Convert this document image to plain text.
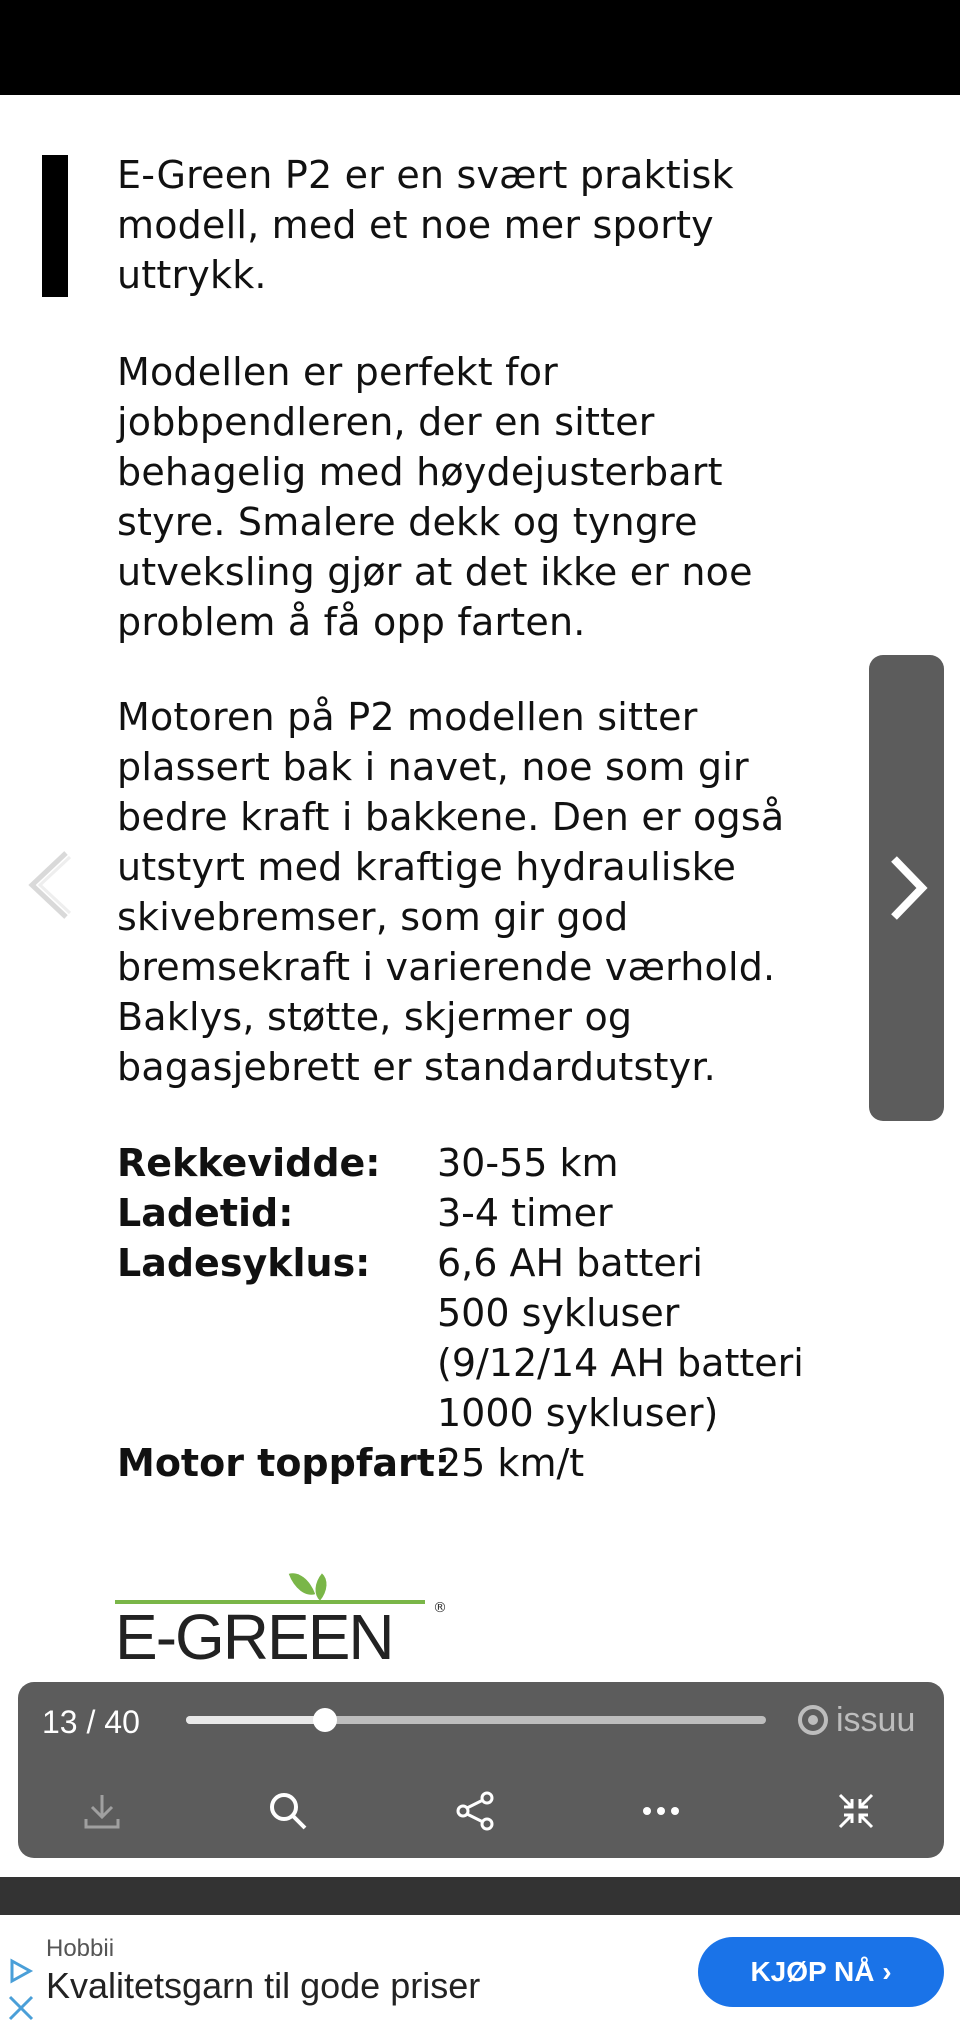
E-Green P2 er en svært praktisk
modell, med et noe mer sporty
uttrykk.
Modellen er perfekt for
jobbpendleren, der en sitter
behagelig med høydejusterbart
styre. Smalere dekk og tyngre
utveksling gjør at det ikke er noe
problem å få opp farten.
Motoren på P2 modellen sitter
plassert bak i navet, noe som gir
bedre kraft i bakkene. Den er også
utstyrt med kraftige hydrauliske
skivebremser, som gir god
bremsekraft i varierende værhold.
Baklys, støtte, skjermer og
bagasjebrett er standardutstyr.
Rekkevidde: 30-55 km
Ladetid:	3-4 timer
Ladesyklus: 6,6 AH batteri
500 sykluser
(9/12/14 AH batteri
1000 sykluser)
Motor toppfart:
25 km/t
E-GREEN	®
13 / 40	issuu
Hobbii
Kvalitetsgarn til gode priser	KJØP NÅ ›
